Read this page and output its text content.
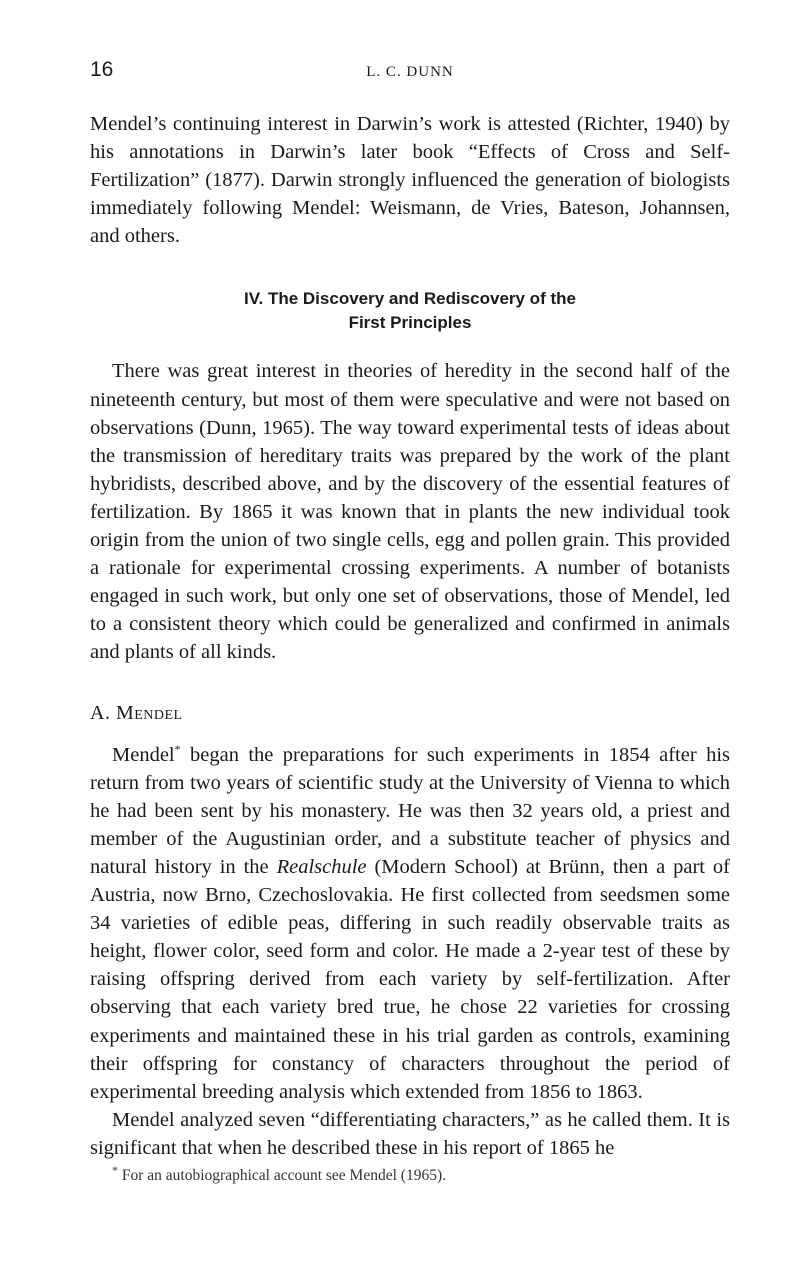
16	L. C. DUNN

Mendel’s continuing interest in Darwin’s work is attested (Richter, 1940) by his annotations in Darwin’s later book “Effects of Cross and Self-Fertilization” (1877). Darwin strongly influenced the generation of biologists immediately following Mendel: Weismann, de Vries, Bateson, Johannsen, and others.

IV. The Discovery and Rediscovery of the
First Principles

There was great interest in theories of heredity in the second half of the nineteenth century, but most of them were speculative and were not based on observations (Dunn, 1965). The way toward experimental tests of ideas about the transmission of hereditary traits was prepared by the work of the plant hybridists, described above, and by the discovery of the essential features of fertilization. By 1865 it was known that in plants the new individual took origin from the union of two single cells, egg and pollen grain. This provided a rationale for experimental crossing experiments. A number of botanists engaged in such work, but only one set of observations, those of Mendel, led to a consistent theory which could be generalized and confirmed in animals and plants of all kinds.

A. Mendel

Mendel* began the preparations for such experiments in 1854 after his return from two years of scientific study at the University of Vienna to which he had been sent by his monastery. He was then 32 years old, a priest and member of the Augustinian order, and a substitute teacher of physics and natural history in the Realschule (Modern School) at Brünn, then a part of Austria, now Brno, Czechoslovakia. He first collected from seedsmen some 34 varieties of edible peas, differing in such readily observable traits as height, flower color, seed form and color. He made a 2-year test of these by raising offspring derived from each variety by self-fertilization. After observing that each variety bred true, he chose 22 varieties for crossing experiments and maintained these in his trial garden as controls, examining their offspring for constancy of characters throughout the period of experimental breeding analysis which extended from 1856 to 1863.

Mendel analyzed seven “differentiating characters,” as he called them. It is significant that when he described these in his report of 1865 he

* For an autobiographical account see Mendel (1965).
